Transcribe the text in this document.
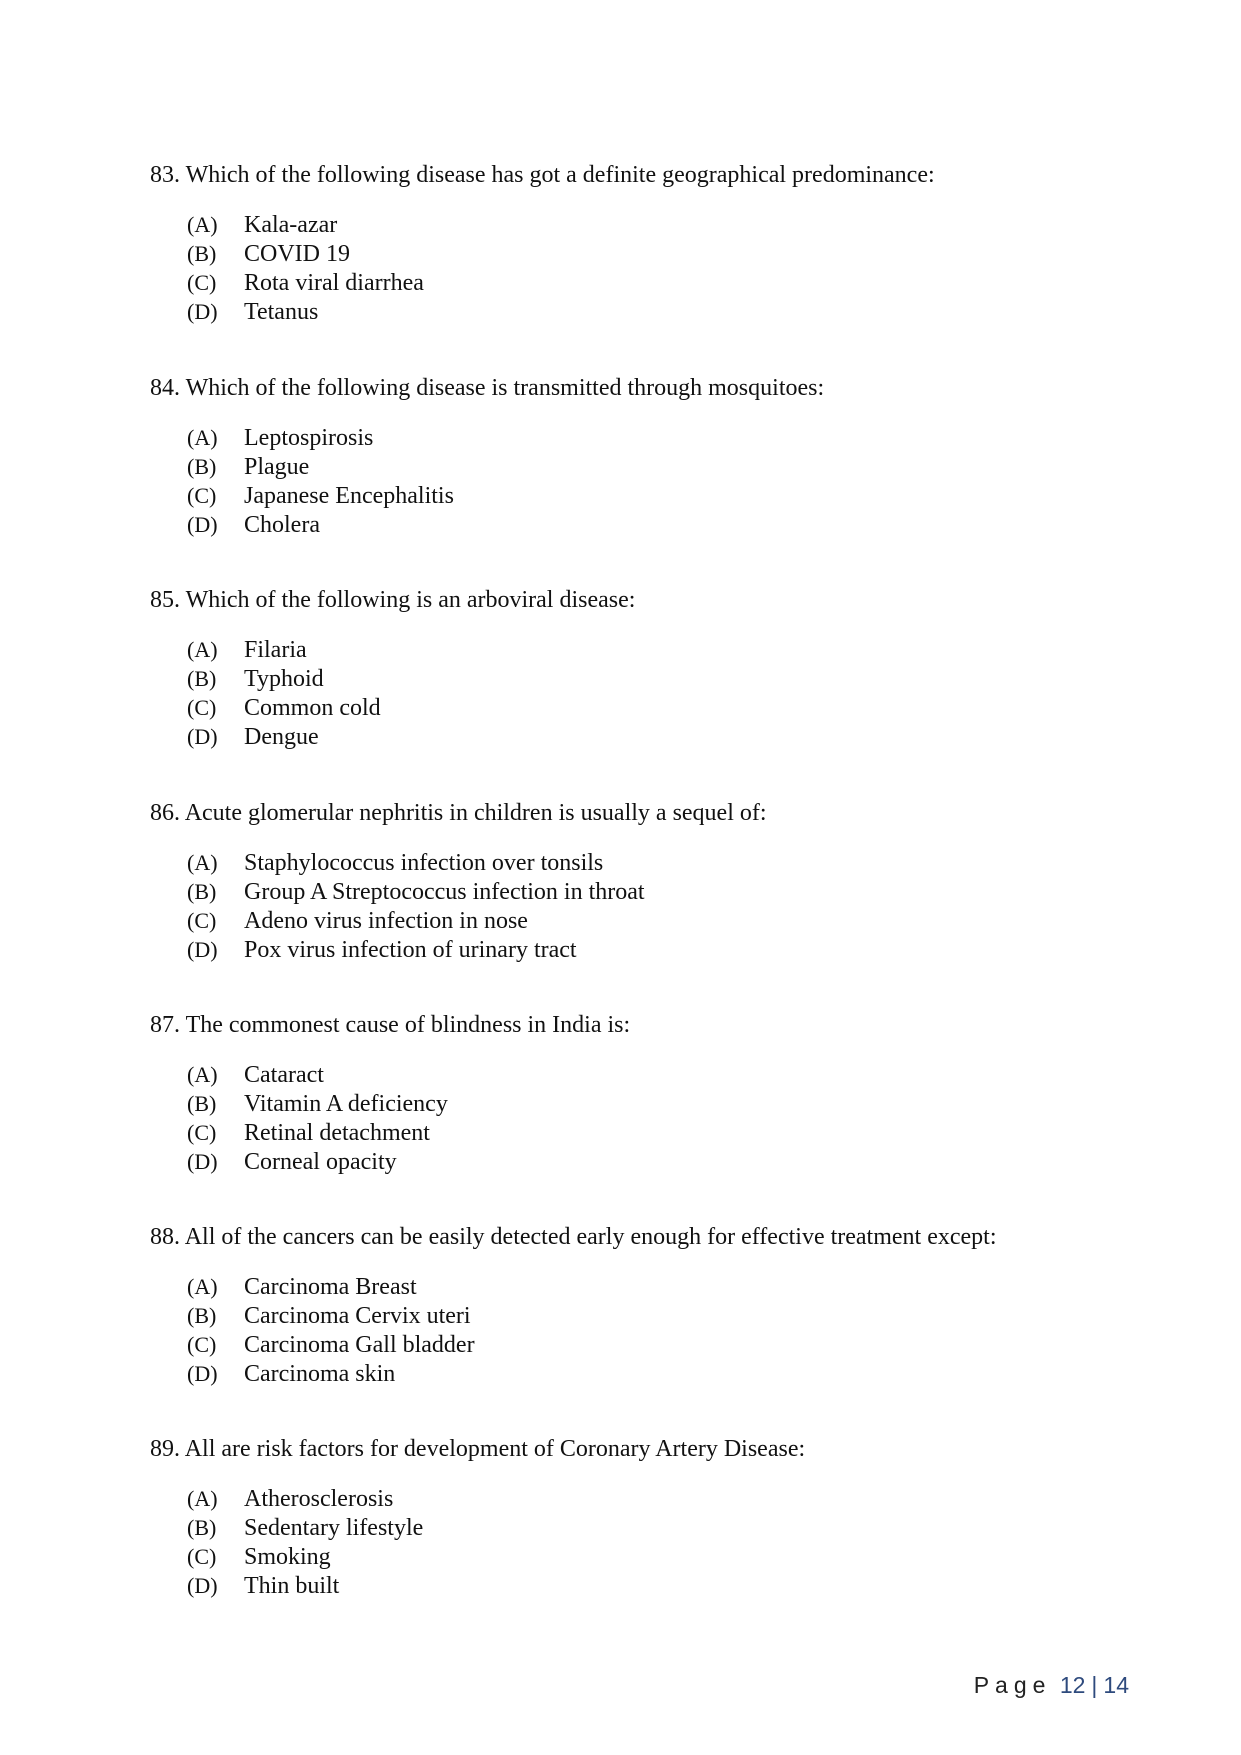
83. Which of the following disease has got a definite geographical predominance:
(A) Kala-azar
(B) COVID 19
(C) Rota viral diarrhea
(D) Tetanus
84. Which of the following disease is transmitted through mosquitoes:
(A) Leptospirosis
(B) Plague
(C) Japanese Encephalitis
(D) Cholera
85. Which of the following is an arboviral disease:
(A) Filaria
(B) Typhoid
(C) Common cold
(D) Dengue
86. Acute glomerular nephritis in children is usually a sequel of:
(A) Staphylococcus infection over tonsils
(B) Group A Streptococcus infection in throat
(C) Adeno virus infection in nose
(D) Pox virus infection of urinary tract
87. The commonest cause of blindness in India is:
(A) Cataract
(B) Vitamin A deficiency
(C) Retinal detachment
(D) Corneal opacity
88. All of the cancers can be easily detected early enough for effective treatment except:
(A) Carcinoma Breast
(B) Carcinoma Cervix uteri
(C) Carcinoma Gall bladder
(D) Carcinoma skin
89. All are risk factors for development of Coronary Artery Disease:
(A) Atherosclerosis
(B) Sedentary lifestyle
(C) Smoking
(D) Thin built
Page 12 | 14
